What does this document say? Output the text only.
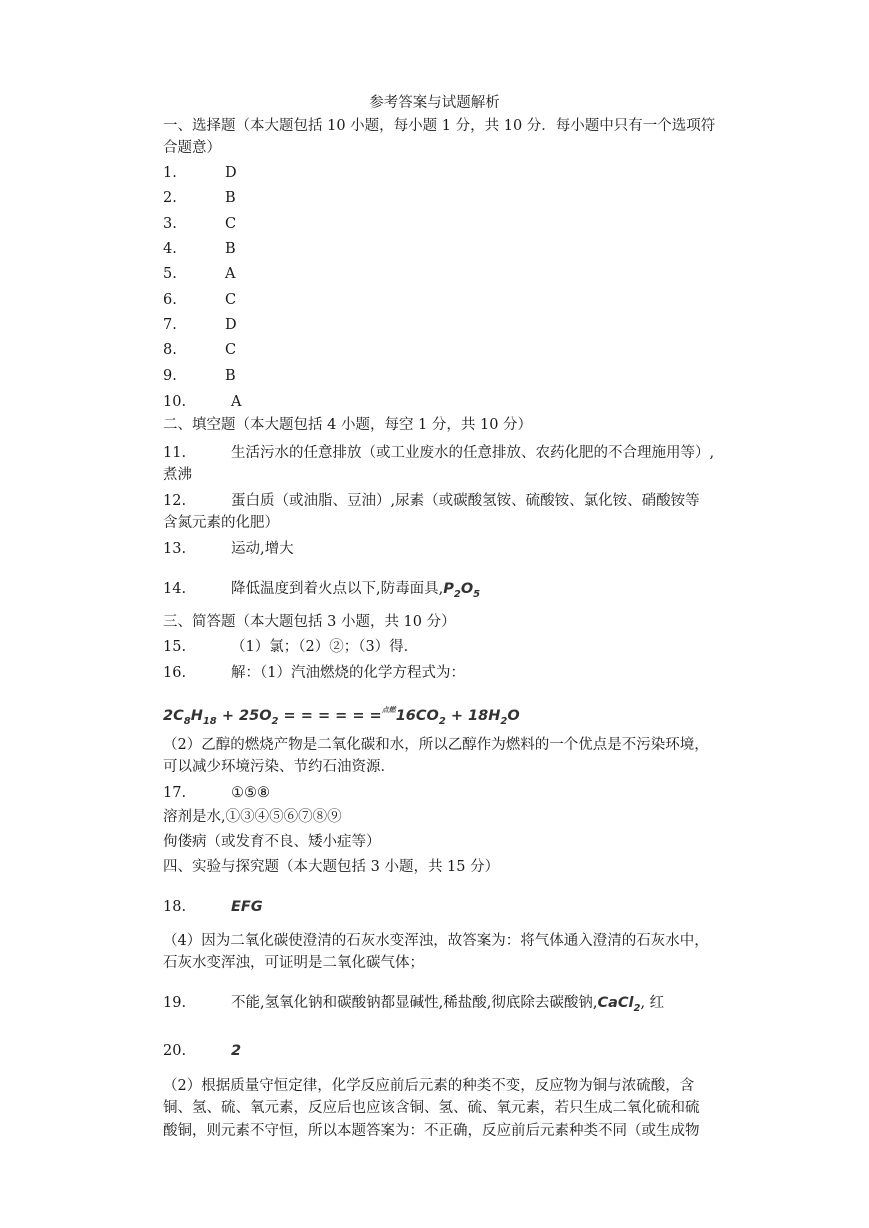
参考答案与试题解析
一、选择题（本大题包括 10 小题，每小题 1 分，共 10 分．每小题中只有一个选项符
合题意）
1.	D
2.	B
3.	C
4.	B
5.	A
6.	C
7.	D
8.	C
9.	B
10.	A
二、填空题（本大题包括 4 小题，每空 1 分，共 10 分）
11.	生活污水的任意排放（或工业废水的任意排放、农药化肥的不合理施用等）,
煮沸
12.	蛋白质（或油脂、豆油）,尿素（或碳酸氢铵、硫酸铵、氯化铵、硝酸铵等
含氮元素的化肥）
13.	运动,增大
14.	降低温度到着火点以下,防毒面具$,P_2O_5$
三、简答题（本大题包括 3 小题，共 10 分）
15.	（1）氯；（2）②；（3）得．
16.	解：（1）汽油燃烧的化学方程式为：
$2C_8H_{18} + 25O_2$ = = = = = $=^{点燃}16CO_2 + 18H_2O$
（2）乙醇的燃烧产物是二氧化碳和水，所以乙醇作为燃料的一个优点是不污染环境，
可以减少环境污染、节约石油资源．
17.	①⑤⑧
溶剂是水,①③④⑤⑥⑦⑧⑨
佝偻病（或发育不良、矮小症等）
四、实验与探究题（本大题包括 3 小题，共 15 分）
18.	EFG
（4）因为二氧化碳使澄清的石灰水变浑浊，故答案为：将气体通入澄清的石灰水中，
石灰水变浑浊，可证明是二氧化碳气体；
19.	不能,氢氧化钠和碳酸钠都显碱性,稀盐酸,彻底除去碳酸钠,CaCl$_2$, 红
20.	2
（2）根据质量守恒定律，化学反应前后元素的种类不变，反应物为铜与浓硫酸，含
铜、氢、硫、氧元素，反应后也应该含铜、氢、硫、氧元素，若只生成二氧化硫和硫
酸铜，则元素不守恒，所以本题答案为：不正确，反应前后元素种类不同（或生成物
